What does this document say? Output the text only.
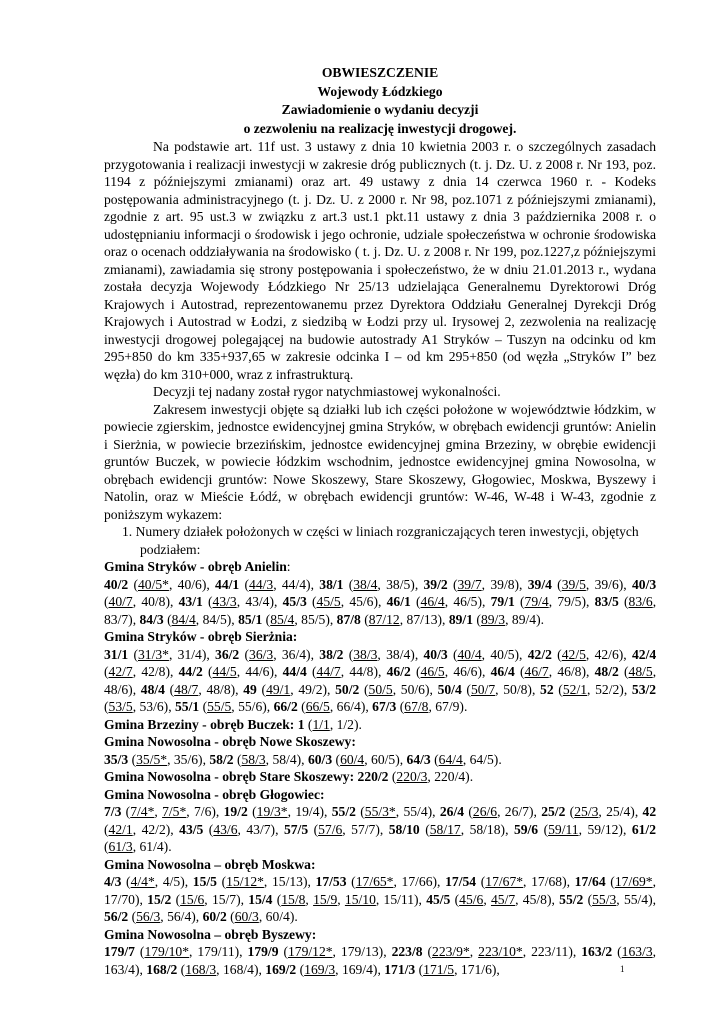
OBWIESZCZENIE
Wojewody Łódzkiego
Zawiadomienie o wydaniu decyzji
o zezwoleniu na realizację inwestycji drogowej.

Na podstawie art. 11f ust. 3 ustawy z dnia 10 kwietnia 2003 r. o szczególnych zasadach przygotowania i realizacji inwestycji w zakresie dróg publicznych (t. j. Dz. U. z 2008 r. Nr 193, poz. 1194 z późniejszymi zmianami) oraz art. 49 ustawy z dnia 14 czerwca 1960 r. - Kodeks postępowania administracyjnego (t. j. Dz. U. z 2000 r. Nr 98, poz.1071 z późniejszymi zmianami), zgodnie z art. 95 ust.3 w związku z art.3 ust.1 pkt.11 ustawy z dnia 3 października 2008 r. o udostępnianiu informacji o środowisk i jego ochronie, udziale społeczeństwa w ochronie środowiska oraz o ocenach oddziaływania na środowisko ( t. j. Dz. U. z 2008 r. Nr 199, poz.1227,z późniejszymi zmianami), zawiadamia się strony postępowania i społeczeństwo, że w dniu 21.01.2013 r., wydana została decyzja Wojewody Łódzkiego Nr 25/13 udzielająca Generalnemu Dyrektorowi Dróg Krajowych i Autostrad, reprezentowanemu przez Dyrektora Oddziału Generalnej Dyrekcji Dróg Krajowych i Autostrad w Łodzi, z siedzibą w Łodzi przy ul. Irysowej 2, zezwolenia na realizację inwestycji drogowej polegającej na budowie autostrady A1 Stryków – Tuszyn na odcinku od km 295+850 do km 335+937,65 w zakresie odcinka I – od km 295+850 (od węzła „Stryków I” bez węzła) do km 310+000, wraz z infrastrukturą.

Decyzji tej nadany został rygor natychmiastowej wykonalności.

Zakresem inwestycji objęte są działki lub ich części położone w województwie łódzkim, w powiecie zgierskim, jednostce ewidencyjnej gmina Stryków, w obrębach ewidencji gruntów: Anielin i Sierżnia, w powiecie brzezińskim, jednostce ewidencyjnej gmina Brzeziny, w obrębie ewidencji gruntów Buczek, w powiecie łódzkim wschodnim, jednostce ewidencyjnej gmina Nowosolna, w obrębach ewidencji gruntów: Nowe Skoszewy, Stare Skoszewy, Głogowiec, Moskwa, Byszewy i Natolin, oraz w Mieście Łódź, w obrębach ewidencji gruntów: W-46, W-48 i W-43, zgodnie z poniższym wykazem:

1. Numery działek położonych w części w liniach rozgraniczających teren inwestycji, objętych podziałem:

Gmina Stryków - obręb Anielin:

40/2 (40/5*, 40/6), 44/1 (44/3, 44/4), 38/1 (38/4, 38/5), 39/2 (39/7, 39/8), 39/4 (39/5, 39/6), 40/3 (40/7, 40/8), 43/1 (43/3, 43/4), 45/3 (45/5, 45/6), 46/1 (46/4, 46/5), 79/1 (79/4, 79/5), 83/5 (83/6, 83/7), 84/3 (84/4, 84/5), 85/1 (85/4, 85/5), 87/8 (87/12, 87/13), 89/1 (89/3, 89/4).

Gmina Stryków - obręb Sierżnia:

31/1 (31/3*, 31/4), 36/2 (36/3, 36/4), 38/2 (38/3, 38/4), 40/3 (40/4, 40/5), 42/2 (42/5, 42/6), 42/4 (42/7, 42/8), 44/2 (44/5, 44/6), 44/4 (44/7, 44/8), 46/2 (46/5, 46/6), 46/4 (46/7, 46/8), 48/2 (48/5, 48/6), 48/4 (48/7, 48/8), 49 (49/1, 49/2), 50/2 (50/5, 50/6), 50/4 (50/7, 50/8), 52 (52/1, 52/2), 53/2 (53/5, 53/6), 55/1 (55/5, 55/6), 66/2 (66/5, 66/4), 67/3 (67/8, 67/9).

Gmina Brzeziny - obręb Buczek: 1 (1/1, 1/2).

Gmina Nowosolna - obręb Nowe Skoszewy:

35/3 (35/5*, 35/6), 58/2 (58/3, 58/4), 60/3 (60/4, 60/5), 64/3 (64/4, 64/5).

Gmina Nowosolna - obręb Stare Skoszewy: 220/2 (220/3, 220/4).

Gmina Nowosolna - obręb Głogowiec:

7/3 (7/4*, 7/5*, 7/6), 19/2 (19/3*, 19/4), 55/2 (55/3*, 55/4), 26/4 (26/6, 26/7), 25/2 (25/3, 25/4), 42 (42/1, 42/2), 43/5 (43/6, 43/7), 57/5 (57/6, 57/7), 58/10 (58/17, 58/18), 59/6 (59/11, 59/12), 61/2 (61/3, 61/4).

Gmina Nowosolna – obręb Moskwa:

4/3 (4/4*, 4/5), 15/5 (15/12*, 15/13), 17/53 (17/65*, 17/66), 17/54 (17/67*, 17/68), 17/64 (17/69*, 17/70), 15/2 (15/6, 15/7), 15/4 (15/8, 15/9, 15/10, 15/11), 45/5 (45/6, 45/7, 45/8), 55/2 (55/3, 55/4), 56/2 (56/3, 56/4), 60/2 (60/3, 60/4).

Gmina Nowosolna – obręb Byszewy:

179/7 (179/10*, 179/11), 179/9 (179/12*, 179/13), 223/8 (223/9*, 223/10*, 223/11), 163/2 (163/3, 163/4), 168/2 (168/3, 168/4), 169/2 (169/3, 169/4), 171/3 (171/5, 171/6),	1
